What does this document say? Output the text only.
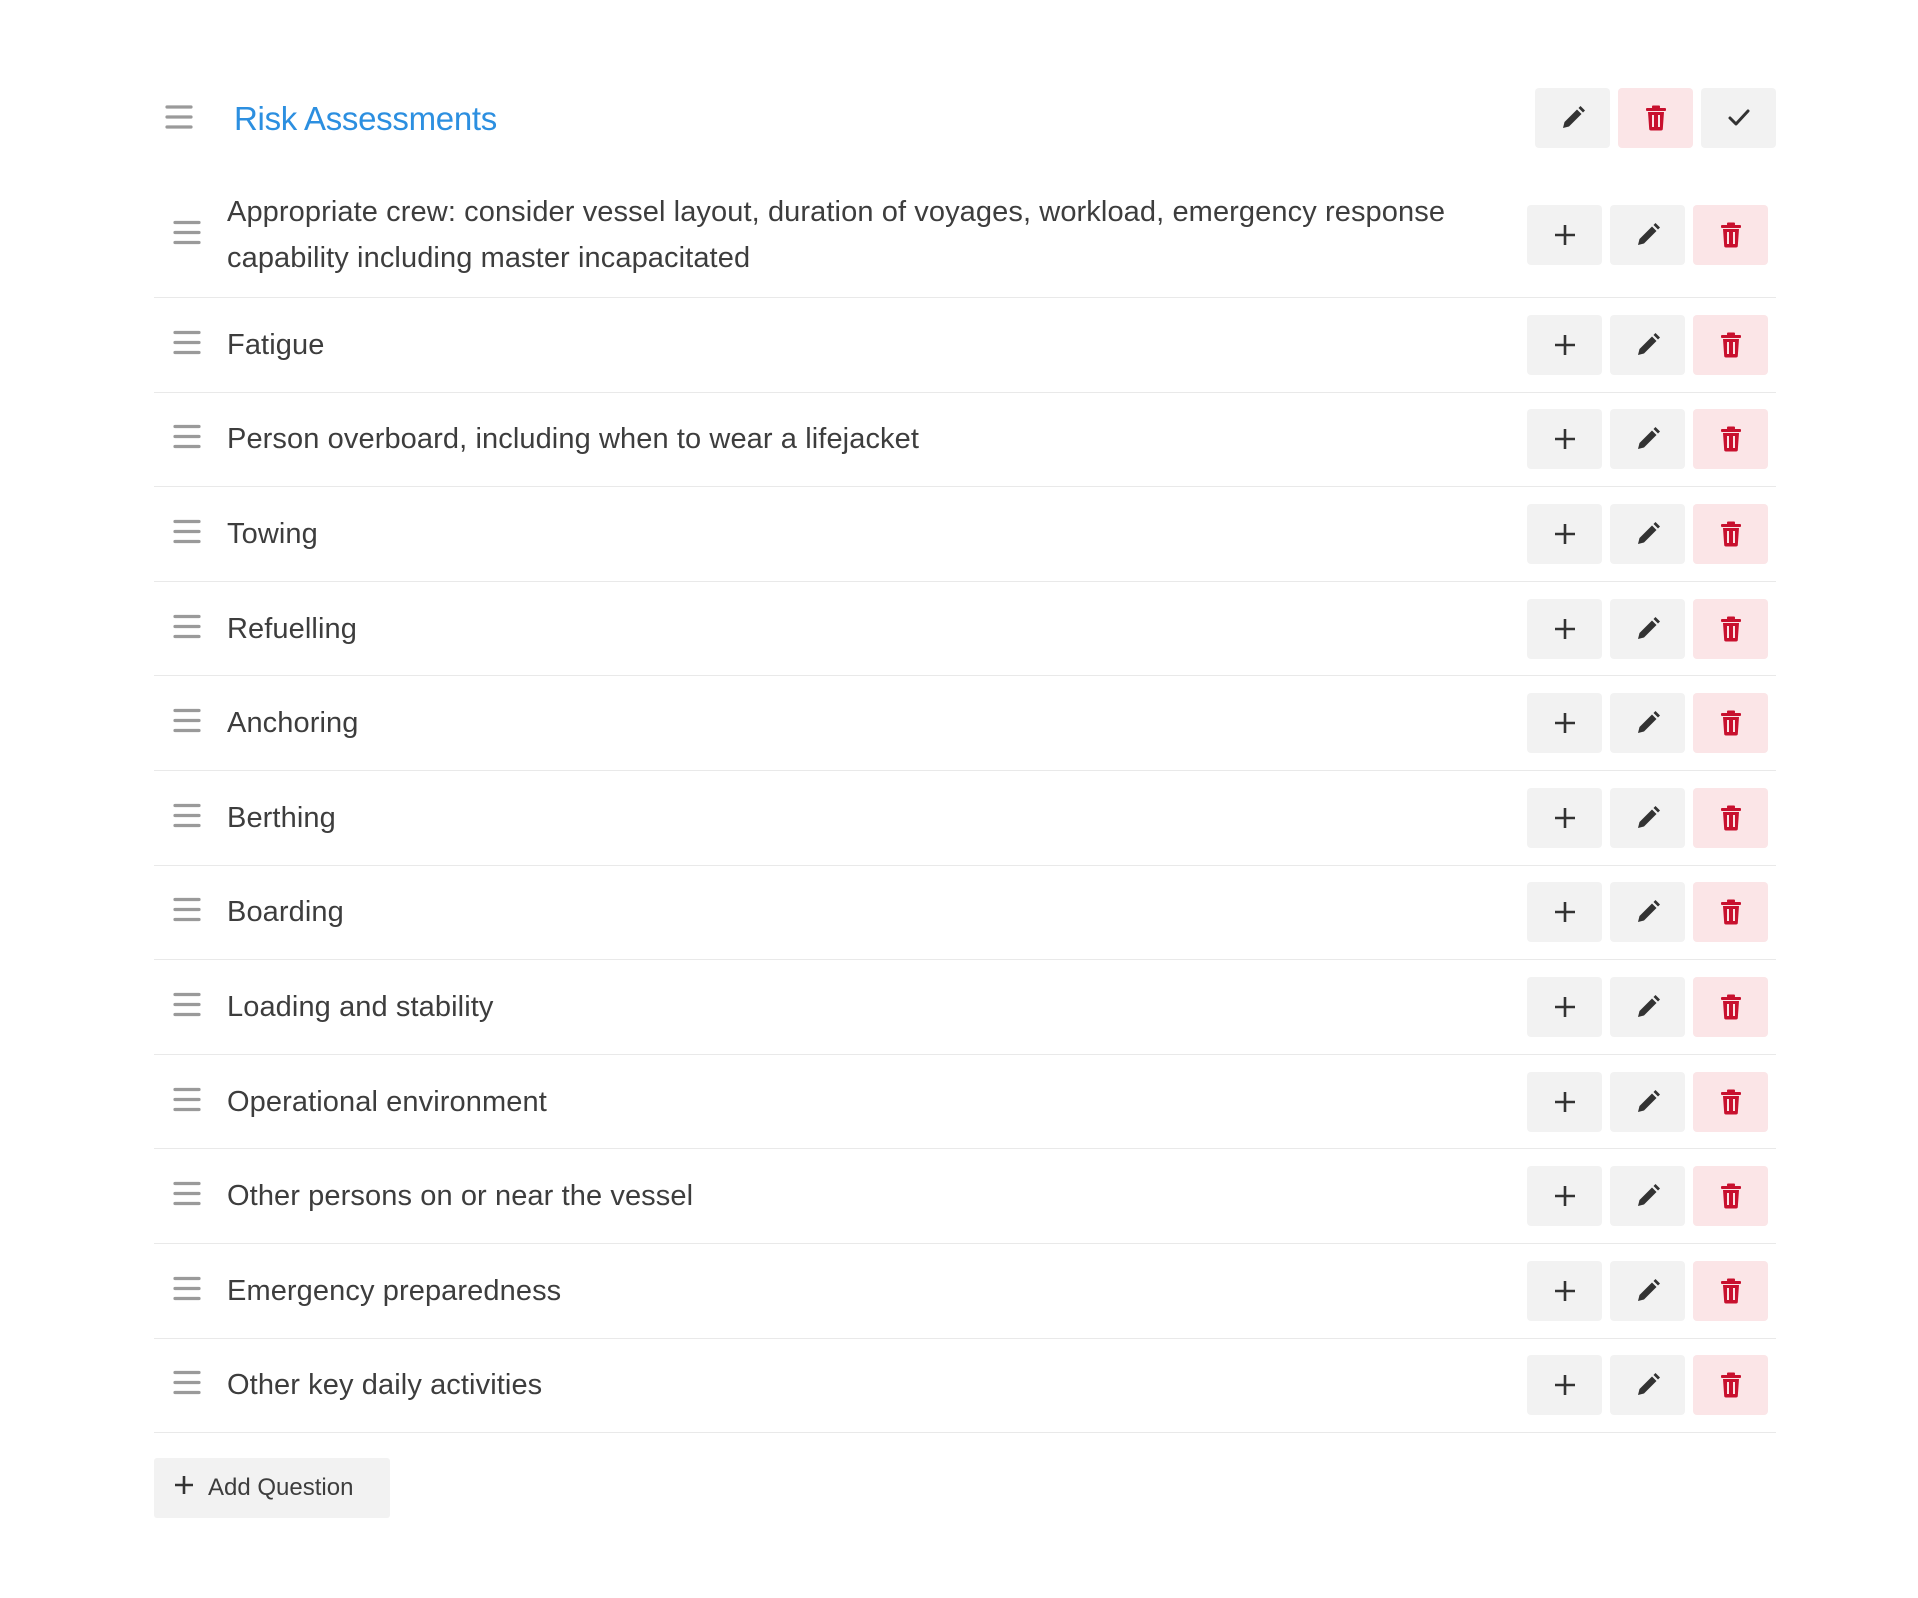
Risk Assessments
Appropriate crew: consider vessel layout, duration of voyages, workload, emergency response capability including master incapacitated
Fatigue
Person overboard, including when to wear a lifejacket
Towing
Refuelling
Anchoring
Berthing
Boarding
Loading and stability
Operational environment
Other persons on or near the vessel
Emergency preparedness
Other key daily activities
Add Question
